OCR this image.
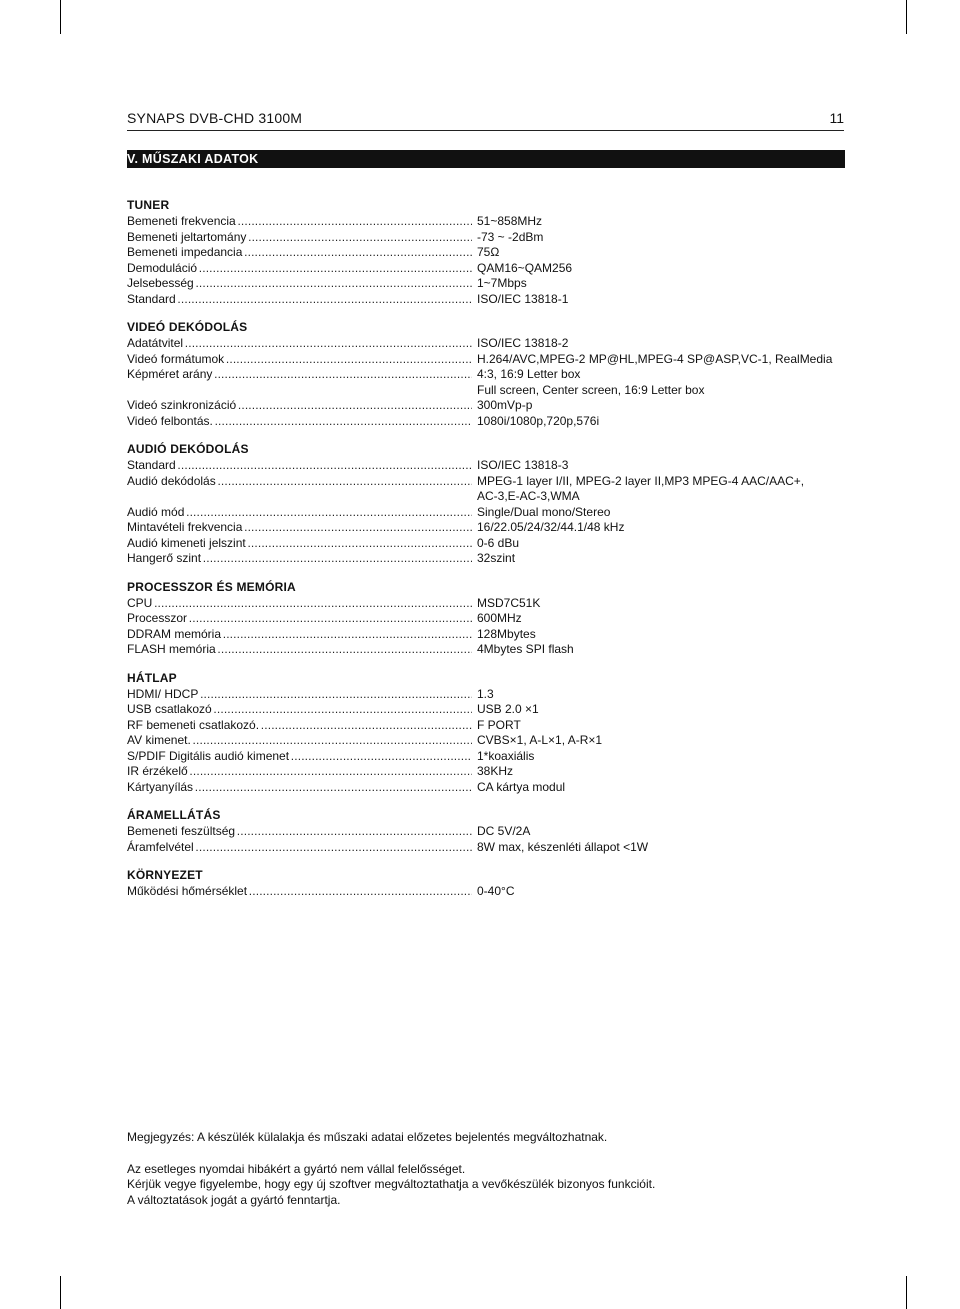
SYNAPS DVB-CHD 3100M	11
V. MŰSZAKI ADATOK
TUNER
Bemeneti frekvencia . . .	51~858MHz
Bemeneti jeltartomány . . .	-73 ~ -2dBm
Bemeneti impedancia . . .	75Ω
Demoduláció . . .	QAM16~QAM256
Jelsebesség . . .	1~7Mbps
Standard . . .	ISO/IEC 13818-1
VIDEÓ DEKÓDOLÁS
Adatátvitel . . .	ISO/IEC 13818-2
Videó formátumok . . .	H.264/AVC,MPEG-2 MP@HL,MPEG-4 SP@ASP,VC-1, RealMedia
Képméret arány . . .	4:3, 16:9 Letter box
Full screen, Center screen, 16:9 Letter box
Videó szinkronizáció . . .	300mVp-p
Videó felbontás. . . .	1080i/1080p,720p,576i
AUDIÓ DEKÓDOLÁS
Standard . . .	ISO/IEC 13818-3
Audió dekódolás . . .	MPEG-1 layer I/II, MPEG-2 layer II,MP3 MPEG-4 AAC/AAC+,
AC-3,E-AC-3,WMA
Audió mód . . .	Single/Dual mono/Stereo
Mintavételi frekvencia . . .	16/22.05/24/32/44.1/48 kHz
Audió kimeneti jelszint . . .	0-6 dBu
Hangerő szint . . .	32szint
PROCESSZOR ÉS MEMÓRIA
CPU . . .	MSD7C51K
Processzor . . .	600MHz
DDRAM memória . . .	128Mbytes
FLASH memória . . .	4Mbytes SPI flash
HÁTLAP
HDMI/ HDCP . . .	1.3
USB csatlakozó . . .	USB 2.0 ×1
RF bemeneti csatlakozó. . . .	F PORT
AV kimenet. . . .	CVBS×1, A-L×1, A-R×1
S/PDIF Digitális audió kimenet . . .	1*koaxiális
IR érzékelő . . .	38KHz
Kártyanyílás . . .	CA kártya modul
ÁRAMELLÁTÁS
Bemeneti feszültség . . .	DC 5V/2A
Áramfelvétel . . .	8W max, készenléti állapot <1W
KÖRNYEZET
Működési hőmérséklet . . .	0-40°C

Megjegyzés: A készülék külalakja és műszaki adatai előzetes bejelentés megváltozhatnak.

Az esetleges nyomdai hibákért a gyártó nem vállal felelősséget.

Kérjük vegye figyelembe, hogy egy új szoftver megváltoztathatja a vevőkészülék bizonyos funkcióit.

A változtatások jogát a gyártó fenntartja.
